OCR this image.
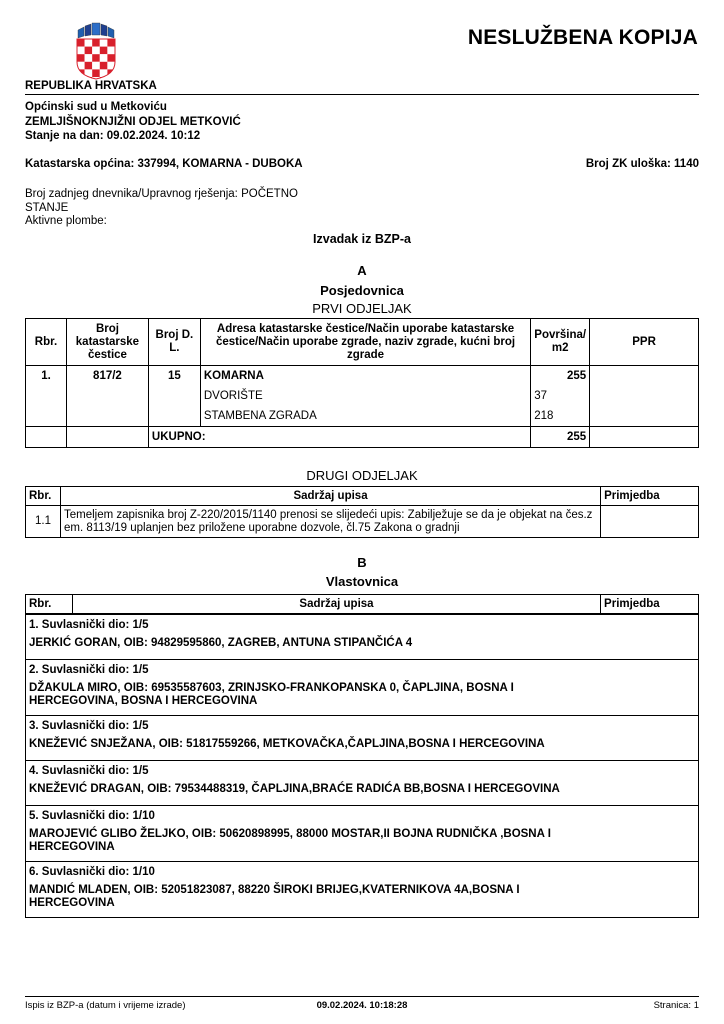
NESLUŽBENA KOPIJA
REPUBLIKA HRVATSKA
Općinski sud u Metkoviću
ZEMLJIŠNOKNJIŽNI ODJEL METKOVIĆ
Stanje na dan: 09.02.2024. 10:12
Katastarska općina: 337994, KOMARNA - DUBOKA	Broj ZK uloška: 1140
Broj zadnjeg dnevnika/Upravnog rješenja: POČETNO
STANJE
Aktivne plombe:
Izvadak iz BZP-a
A
Posjedovnica
PRVI ODJELJAK
Rbr.	Broj katastarske čestice	Broj D. L.	Adresa katastarske čestice/Način uporabe katastarske čestice/Način uporabe zgrade, naziv zgrade, kućni broj zgrade	Površina/ m2	PPR
1.	817/2	15	KOMARNA	255	
			DVORIŠTE	37	
			STAMBENA ZGRADA	218	
		UKUPNO:		255	
DRUGI ODJELJAK
Rbr.	Sadržaj upisa	Primjedba
1.1	Temeljem zapisnika broj Z-220/2015/1140 prenosi se slijedeći upis: Zabilježuje se da je objekat na čes.z em. 8113/19 uplanjen bez priložene uporabne dozvole, čl.75 Zakona o gradnji	
B
Vlastovnica
Rbr.	Sadržaj upisa	Primjedba
1. Suvlasnički dio: 1/5
JERKIĆ GORAN, OIB: 94829595860, ZAGREB, ANTUNA STIPANČIĆA 4
2. Suvlasnički dio: 1/5
DŽAKULA MIRO, OIB: 69535587603, ZRINJSKO-FRANKOPANSKA 0, ČAPLJINA, BOSNA I
HERCEGOVINA, BOSNA I HERCEGOVINA
3. Suvlasnički dio: 1/5
KNEŽEVIĆ SNJEŽANA, OIB: 51817559266, METKOVAČKA,ČAPLJINA,BOSNA I HERCEGOVINA
4. Suvlasnički dio: 1/5
KNEŽEVIĆ DRAGAN, OIB: 79534488319, ČAPLJINA,BRAĆE RADIĆA BB,BOSNA I HERCEGOVINA
5. Suvlasnički dio: 1/10
MAROJEVIĆ GLIBO ŽELJKO, OIB: 50620898995, 88000 MOSTAR,II BOJNA RUDNIČKA ,BOSNA I
HERCEGOVINA
6. Suvlasnički dio: 1/10
MANDIĆ MLADEN, OIB: 52051823087, 88220 ŠIROKI BRIJEG,KVATERNIKOVA 4A,BOSNA I
HERCEGOVINA
Ispis iz BZP-a (datum i vrijeme izrade)	09.02.2024. 10:18:28	Stranica: 1
